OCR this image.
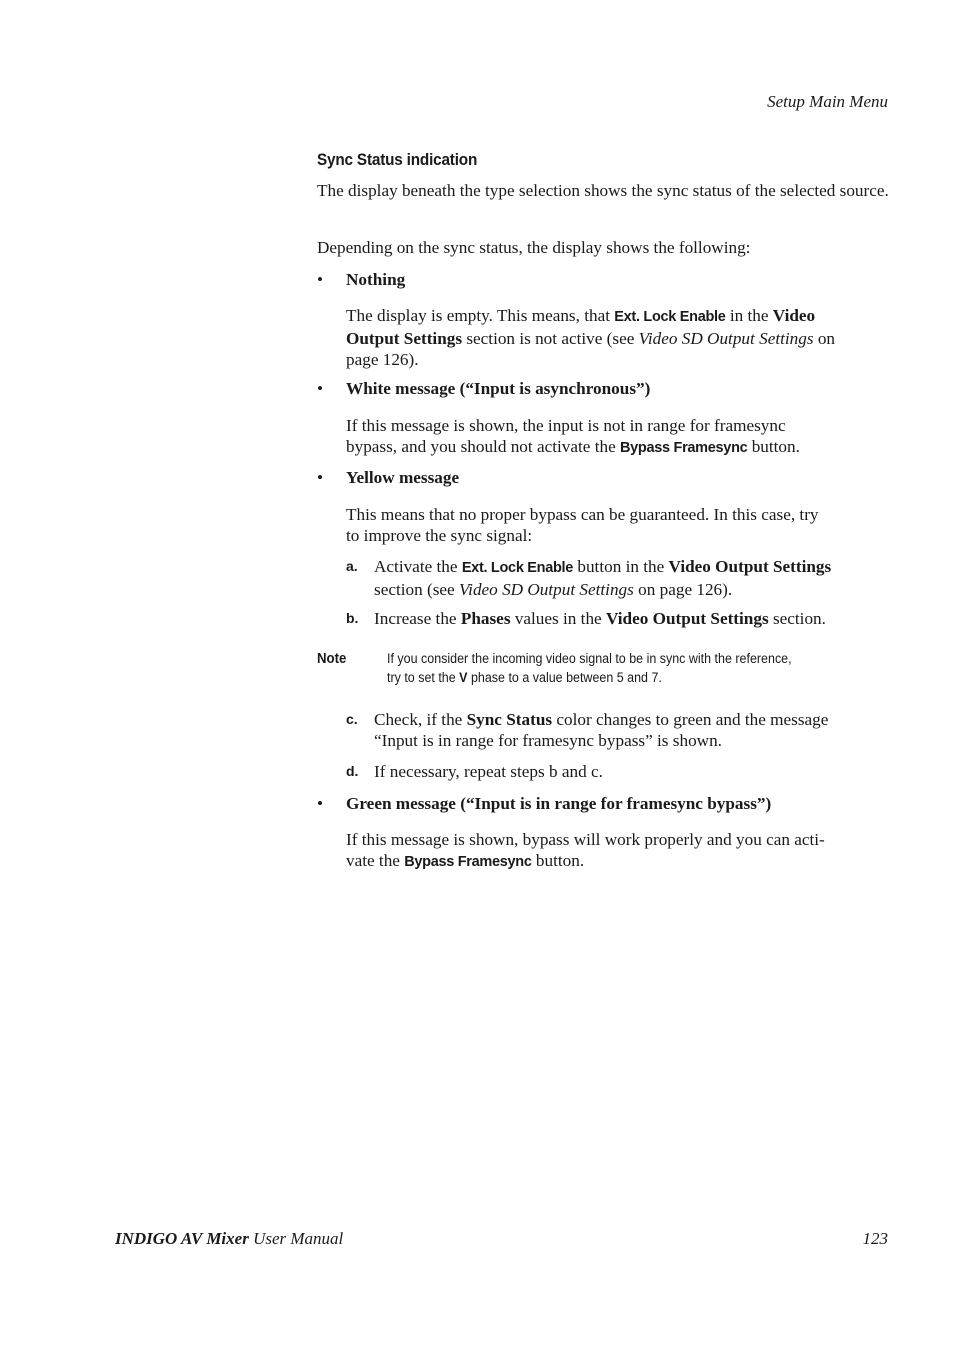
Setup Main Menu
Sync Status indication
The display beneath the type selection shows the sync status of the selected source.
Depending on the sync status, the display shows the following:
• Nothing
The display is empty. This means, that Ext. Lock Enable in the Video
Output Settings section is not active (see Video SD Output Settings on
page 126).
• White message (“Input is asynchronous”)
If this message is shown, the input is not in range for framesync
bypass, and you should not activate the Bypass Framesync button.
• Yellow message
This means that no proper bypass can be guaranteed. In this case, try
to improve the sync signal:
a. Activate the Ext. Lock Enable button in the Video Output Settings
section (see Video SD Output Settings on page 126).
b. Increase the Phases values in the Video Output Settings section.
Note	If you consider the incoming video signal to be in sync with the reference,
try to set the V phase to a value between 5 and 7.
c. Check, if the Sync Status color changes to green and the message
“Input is in range for framesync bypass” is shown.
d. If necessary, repeat steps b and c.
• Green message (“Input is in range for framesync bypass”)
If this message is shown, bypass will work properly and you can acti-
vate the Bypass Framesync button.
INDIGO AV Mixer User Manual	123
